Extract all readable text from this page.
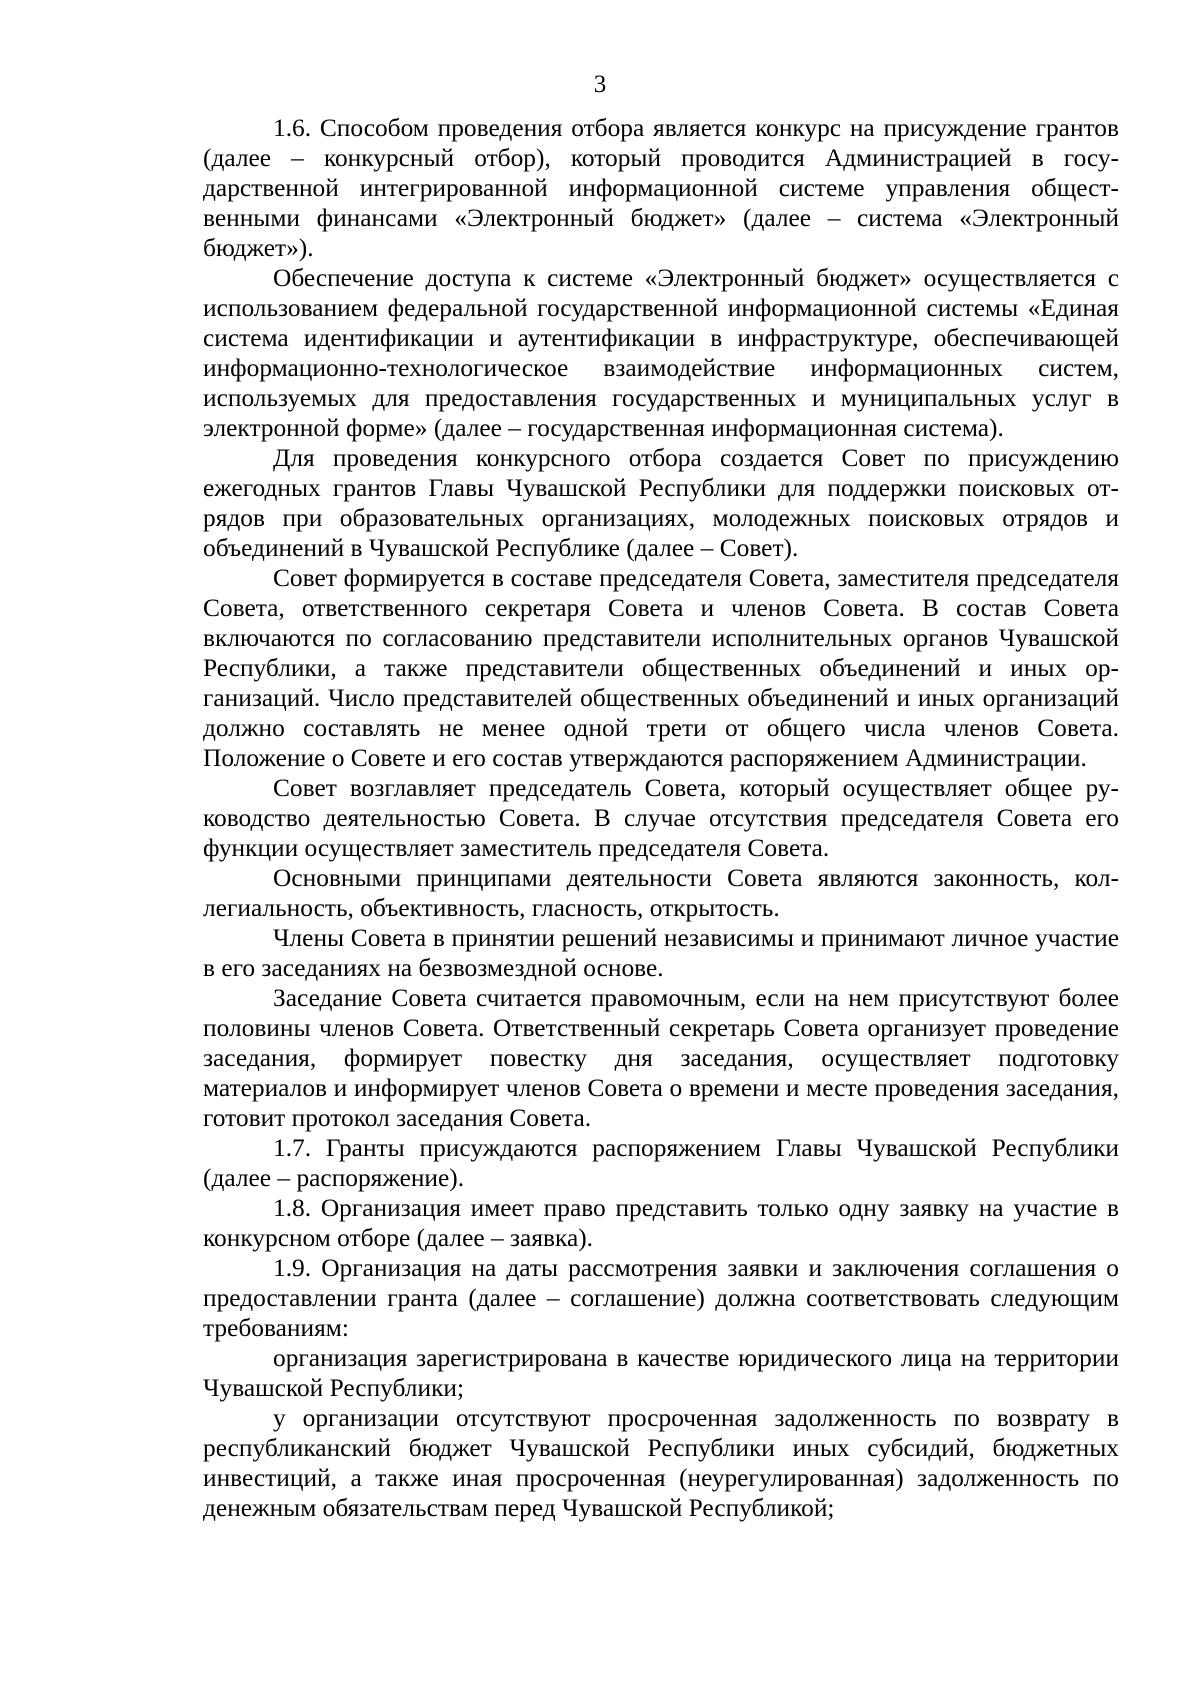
3

1.6. Способом проведения отбора является конкурс на присуждение грантов (далее – конкурсный отбор), который проводится Администрацией в государственной интегрированной информационной системе управления общественными финансами «Электронный бюджет» (далее – система «Электронный бюджет»).

Обеспечение доступа к системе «Электронный бюджет» осуществляется с использованием федеральной государственной информационной системы «Единая система идентификации и аутентификации в инфраструктуре, обеспечивающей информационно-технологическое взаимодействие информационных систем, используемых для предоставления государственных и муниципальных услуг в электронной форме» (далее – государственная информационная система).

Для проведения конкурсного отбора создается Совет по присуждению ежегодных грантов Главы Чувашской Республики для поддержки поисковых отрядов при образовательных организациях, молодежных поисковых отрядов и объединений в Чувашской Республике (далее – Совет).

Совет формируется в составе председателя Совета, заместителя председателя Совета, ответственного секретаря Совета и членов Совета. В состав Совета включаются по согласованию представители исполнительных органов Чувашской Республики, а также представители общественных объединений и иных организаций. Число представителей общественных объединений и иных организаций должно составлять не менее одной трети от общего числа членов Совета. Положение о Совете и его состав утверждаются распоряжением Администрации.

Совет возглавляет председатель Совета, который осуществляет общее руководство деятельностью Совета. В случае отсутствия председателя Совета его функции осуществляет заместитель председателя Совета.

Основными принципами деятельности Совета являются законность, коллегиальность, объективность, гласность, открытость.

Члены Совета в принятии решений независимы и принимают личное участие в его заседаниях на безвозмездной основе.

Заседание Совета считается правомочным, если на нем присутствуют более половины членов Совета. Ответственный секретарь Совета организует проведение заседания, формирует повестку дня заседания, осуществляет подготовку материалов и информирует членов Совета о времени и месте проведения заседания, готовит протокол заседания Совета.

1.7. Гранты присуждаются распоряжением Главы Чувашской Республики (далее – распоряжение).

1.8. Организация имеет право представить только одну заявку на участие в конкурсном отборе (далее – заявка).

1.9. Организация на даты рассмотрения заявки и заключения соглашения о предоставлении гранта (далее – соглашение) должна соответствовать следующим требованиям:

организация зарегистрирована в качестве юридического лица на территории Чувашской Республики;

у организации отсутствуют просроченная задолженность по возврату в республиканский бюджет Чувашской Республики иных субсидий, бюджетных инвестиций, а также иная просроченная (неурегулированная) задолженность по денежным обязательствам перед Чувашской Республикой;
